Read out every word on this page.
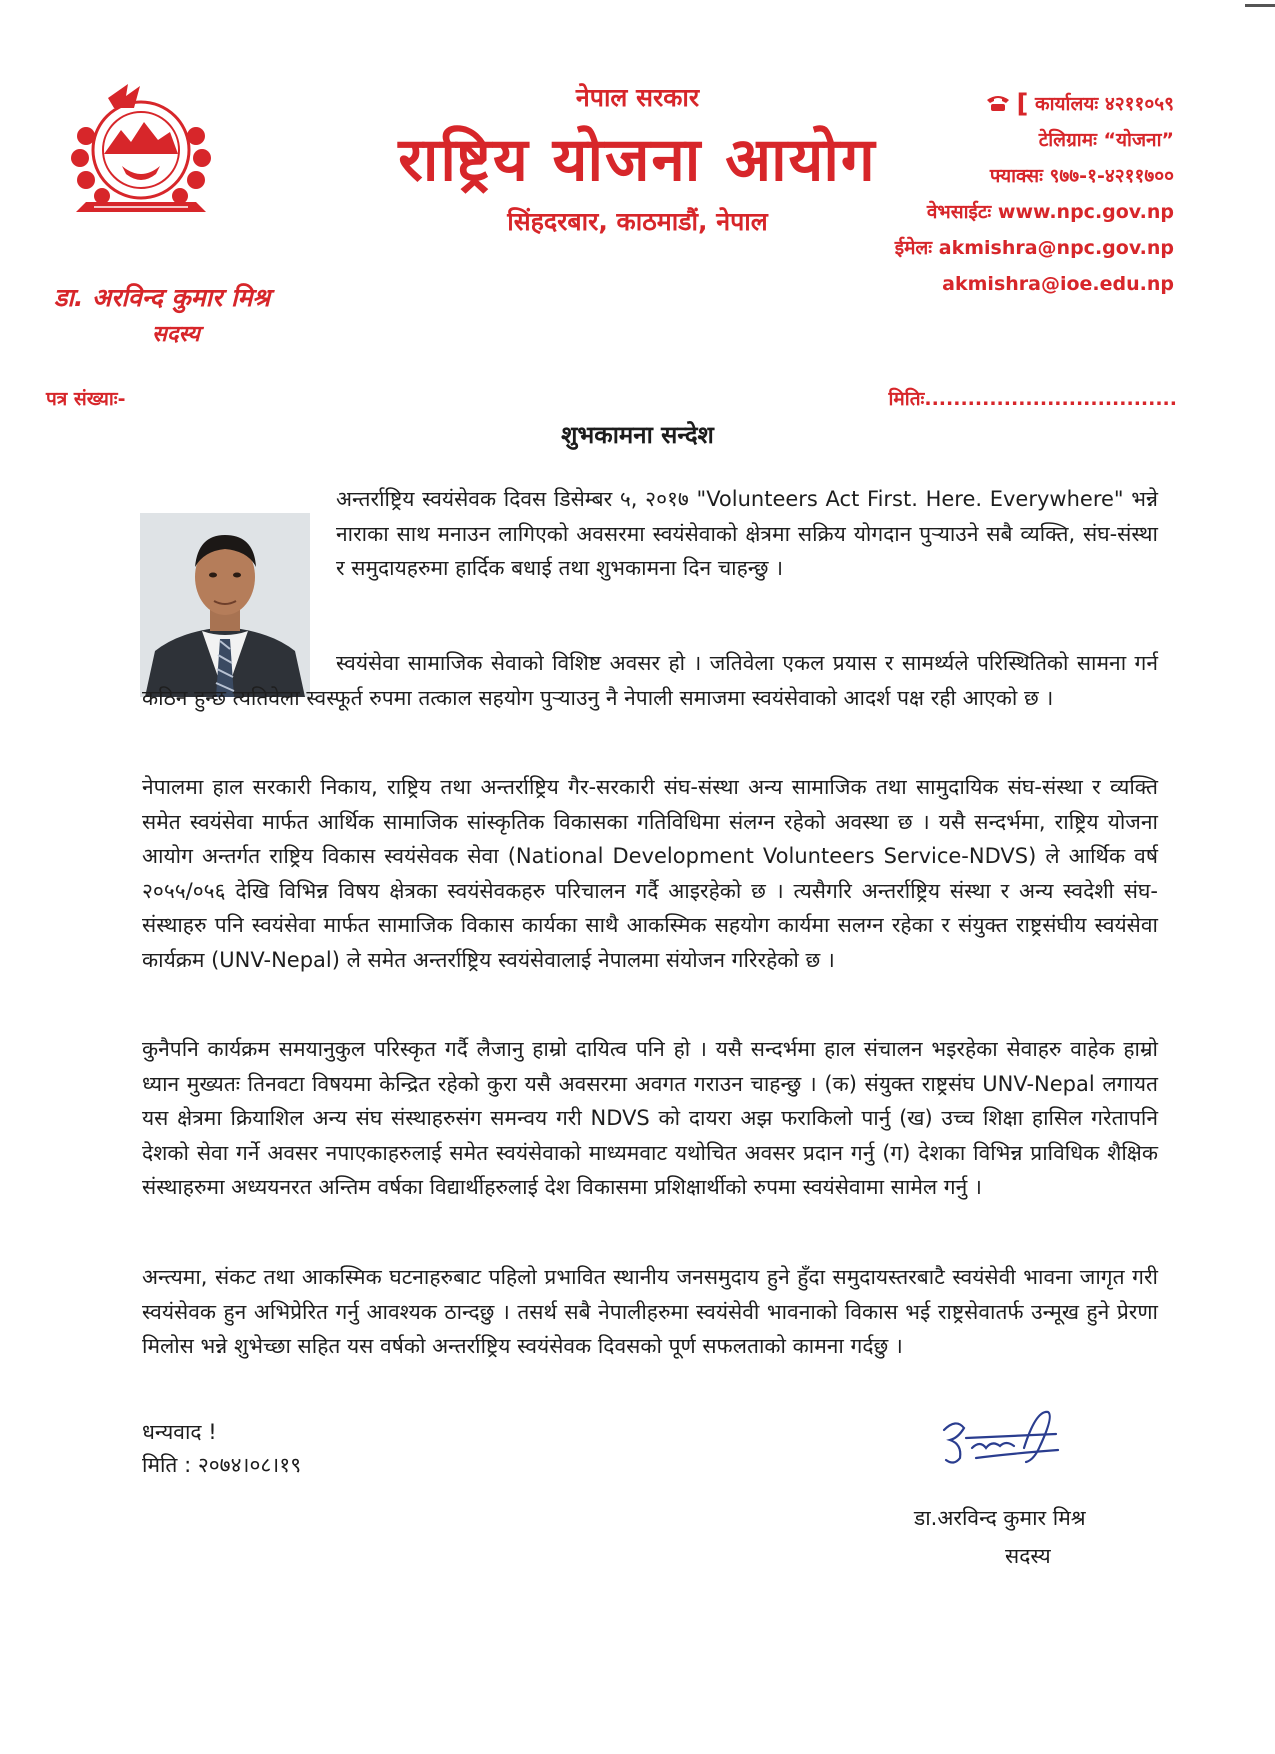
नेपाल सरकार
राष्ट्रिय योजना आयोग
सिंहदरबार, काठमाडौं, नेपाल
[ कार्यालयः ४२११०५९
टेलिग्रामः “योजना”
फ्याक्सः ९७७-१-४२११७००
वेभसाईटः www.npc.gov.np
ईमेलः akmishra@npc.gov.np
akmishra@ioe.edu.np
डा. अरविन्द कुमार मिश्र
सदस्य
पत्र संख्याः-	मितिः...................................
शुभकामना सन्देश
अन्तर्राष्ट्रिय स्वयंसेवक दिवस डिसेम्बर ५, २०१७ "Volunteers Act First. Here. Everywhere" भन्ने नाराका साथ मनाउन लागिएको अवसरमा स्वयंसेवाको क्षेत्रमा सक्रिय योगदान पुऱ्याउने सबै व्यक्ति, संघ-संस्था र समुदायहरुमा हार्दिक बधाई तथा शुभकामना दिन चाहन्छु ।
स्वयंसेवा सामाजिक सेवाको विशिष्ट अवसर हो । जतिवेला एकल प्रयास र सामर्थ्यले परिस्थितिको सामना गर्न कठिन हुन्छ त्यतिवेला स्वस्फूर्त रुपमा तत्काल सहयोग पुऱ्याउनु नै नेपाली समाजमा स्वयंसेवाको आदर्श पक्ष रही आएको छ ।
नेपालमा हाल सरकारी निकाय, राष्ट्रिय तथा अन्तर्राष्ट्रिय गैर-सरकारी संघ-संस्था अन्य सामाजिक तथा सामुदायिक संघ-संस्था र व्यक्ति समेत स्वयंसेवा मार्फत आर्थिक सामाजिक सांस्कृतिक विकासका गतिविधिमा संलग्न रहेको अवस्था छ । यसै सन्दर्भमा, राष्ट्रिय योजना आयोग अन्तर्गत राष्ट्रिय विकास स्वयंसेवक सेवा (National Development Volunteers Service-NDVS) ले आर्थिक वर्ष २०५५/०५६ देखि विभिन्न विषय क्षेत्रका स्वयंसेवकहरु परिचालन गर्दै आइरहेको छ । त्यसैगरि अन्तर्राष्ट्रिय संस्था र अन्य स्वदेशी संघ-संस्थाहरु पनि स्वयंसेवा मार्फत सामाजिक विकास कार्यका साथै आकस्मिक सहयोग कार्यमा सलग्न रहेका र संयुक्त राष्ट्रसंघीय स्वयंसेवा कार्यक्रम (UNV-Nepal) ले समेत अन्तर्राष्ट्रिय स्वयंसेवालाई नेपालमा संयोजन गरिरहेको छ ।
कुनैपनि कार्यक्रम समयानुकुल परिस्कृत गर्दै लैजानु हाम्रो दायित्व पनि हो । यसै सन्दर्भमा हाल संचालन भइरहेका सेवाहरु वाहेक हाम्रो ध्यान मुख्यतः तिनवटा विषयमा केन्द्रित रहेको कुरा यसै अवसरमा अवगत गराउन चाहन्छु । (क) संयुक्त राष्ट्रसंघ UNV-Nepal लगायत यस क्षेत्रमा क्रियाशिल अन्य संघ संस्थाहरुसंग समन्वय गरी NDVS को दायरा अझ फराकिलो पार्नु (ख) उच्च शिक्षा हासिल गरेतापनि देशको सेवा गर्ने अवसर नपाएकाहरुलाई समेत स्वयंसेवाको माध्यमवाट यथोचित अवसर प्रदान गर्नु (ग) देशका विभिन्न प्राविधिक शैक्षिक संस्थाहरुमा अध्ययनरत अन्तिम वर्षका विद्यार्थीहरुलाई देश विकासमा प्रशिक्षार्थीको रुपमा स्वयंसेवामा सामेल गर्नु ।
अन्त्यमा, संकट तथा आकस्मिक घटनाहरुबाट पहिलो प्रभावित स्थानीय जनसमुदाय हुने हुँदा समुदायस्तरबाटै स्वयंसेवी भावना जागृत गरी स्वयंसेवक हुन अभिप्रेरित गर्नु आवश्यक ठान्दछु । तसर्थ सबै नेपालीहरुमा स्वयंसेवी भावनाको विकास भई राष्ट्रसेवातर्फ उन्मूख हुने प्रेरणा मिलोस भन्ने शुभेच्छा सहित यस वर्षको अन्तर्राष्ट्रिय स्वयंसेवक दिवसको पूर्ण सफलताको कामना गर्दछु ।
धन्यवाद !
मिति : २०७४।०८।१९
डा.अरविन्द कुमार मिश्र
सदस्य
